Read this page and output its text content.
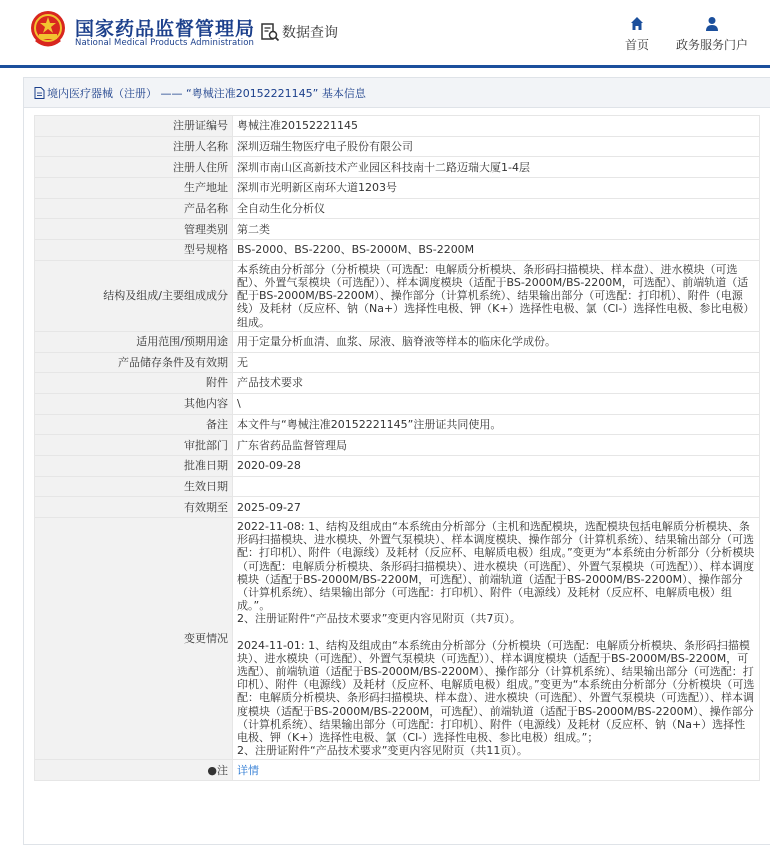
国家药品监督管理局
National Medical Products Administration
数据查询
首页 政务服务门户
境内医疗器械（注册） —— “粤械注准20152221145” 基本信息
注册证编号	粤械注准20152221145
注册人名称	深圳迈瑞生物医疗电子股份有限公司
注册人住所	深圳市南山区高新技术产业园区科技南十二路迈瑞大厦1-4层
生产地址	深圳市光明新区南环大道1203号
产品名称	全自动生化分析仪
管理类别	第二类
型号规格	BS-2000、BS-2200、BS-2000M、BS-2200M
结构及组成/主要组成成分	本系统由分析部分（分析模块（可选配：电解质分析模块、条形码扫描模块、样本盘）、进水模块（可选配）、外置气泵模块（可选配））、样本调度模块（适配于BS-2000M/BS-2200M，可选配）、前端轨道（适配于BS-2000M/BS-2200M）、操作部分（计算机系统）、结果输出部分（可选配：打印机）、附件（电源线）及耗材（反应杯、钠（Na+）选择性电极、钾（K+）选择性电极、氯（Cl-）选择性电极、参比电极）组成。
适用范围/预期用途	用于定量分析血清、血浆、尿液、脑脊液等样本的临床化学成份。
产品储存条件及有效期	无
附件	产品技术要求
其他内容	\
备注	本文件与“粤械注准20152221145”注册证共同使用。
审批部门	广东省药品监督管理局
批准日期	2020-09-28
生效日期	
有效期至	2025-09-27
变更情况	2022-11-08: 1、结构及组成由“本系统由分析部分（主机和选配模块，选配模块包括电解质分析模块、条形码扫描模块、进水模块、外置气泵模块）、样本调度模块、操作部分（计算机系统）、结果输出部分（可选配：打印机）、附件（电源线）及耗材（反应杯、电解质电极）组成。”变更为“本系统由分析部分（分析模块（可选配：电解质分析模块、条形码扫描模块）、进水模块（可选配）、外置气泵模块（可选配））、样本调度模块（适配于BS-2000M/BS-2200M，可选配）、前端轨道（适配于BS-2000M/BS-2200M）、操作部分（计算机系统）、结果输出部分（可选配：打印机）、附件（电源线）及耗材（反应杯、电解质电极）组成。”。
2、注册证附件“产品技术要求”变更内容见附页（共7页）。
2024-11-01: 1、结构及组成由“本系统由分析部分（分析模块（可选配：电解质分析模块、条形码扫描模块）、进水模块（可选配）、外置气泵模块（可选配））、样本调度模块（适配于BS-2000M/BS-2200M，可选配）、前端轨道（适配于BS-2000M/BS-2200M）、操作部分（计算机系统）、结果输出部分（可选配：打印机）、附件（电源线）及耗材（反应杯、电解质电极）组成。”变更为“本系统由分析部分（分析模块（可选配：电解质分析模块、条形码扫描模块、样本盘）、进水模块（可选配）、外置气泵模块（可选配））、样本调度模块（适配于BS-2000M/BS-2200M，可选配）、前端轨道（适配于BS-2000M/BS-2200M）、操作部分（计算机系统）、结果输出部分（可选配：打印机）、附件（电源线）及耗材（反应杯、钠（Na+）选择性电极、钾（K+）选择性电极、氯（Cl-）选择性电极、参比电极）组成。”；
2、注册证附件“产品技术要求”变更内容见附页（共11页）。

●注	详情
